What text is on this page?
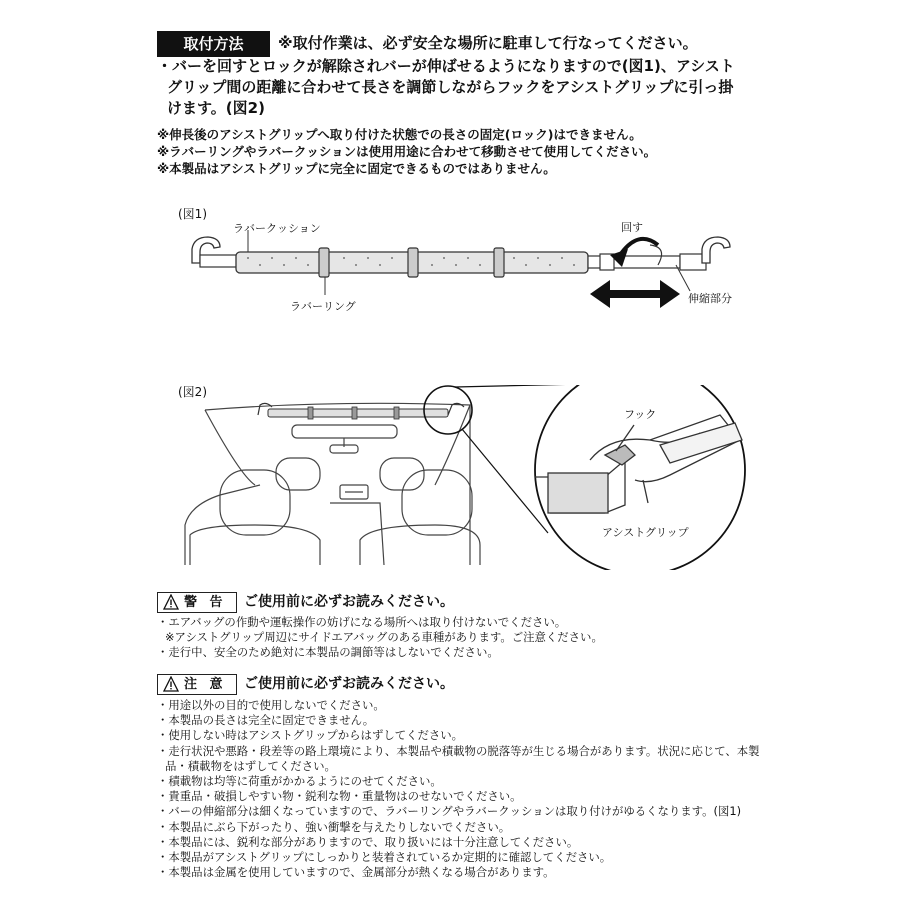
取付方法	※取付作業は、必ず安全な場所に駐車して行なってください。

・バーを回すとロックが解除されバーが伸ばせるようになりますので(図1)、アシスト

グリップ間の距離に合わせて長さを調節しながらフックをアシストグリップに引っ掛

けます。(図2)

※伸長後のアシストグリップへ取り付けた状態での長さの固定(ロック)はできません。
※ラバーリングやラバークッションは使用用途に合わせて移動させて使用してください。
※本製品はアシストグリップに完全に固定できるものではありません。
(図1)
ラバークッション
ラバーリング
回す
伸縮部分
(図2)
フック
アシストグリップ
警 告 ご使用前に必ずお読みください。
・エアバッグの作動や運転操作の妨げになる場所へは取り付けないでください。
※アシストグリップ周辺にサイドエアバッグのある車種があります。ご注意ください。
・走行中、安全のため絶対に本製品の調節等はしないでください。
注 意 ご使用前に必ずお読みください。
・用途以外の目的で使用しないでください。
・本製品の長さは完全に固定できません。
・使用しない時はアシストグリップからはずしてください。
・走行状況や悪路・段差等の路上環境により、本製品や積載物の脱落等が生じる場合があります。状況に応じて、本製
品・積載物をはずしてください。
・積載物は均等に荷重がかかるようにのせてください。
・貴重品・破損しやすい物・鋭利な物・重量物はのせないでください。
・バーの伸縮部分は細くなっていますので、ラバーリングやラバークッションは取り付けがゆるくなります。(図1)
・本製品にぶら下がったり、強い衝撃を与えたりしないでください。
・本製品には、鋭利な部分がありますので、取り扱いには十分注意してください。
・本製品がアシストグリップにしっかりと装着されているか定期的に確認してください。
・本製品は金属を使用していますので、金属部分が熱くなる場合があります。
